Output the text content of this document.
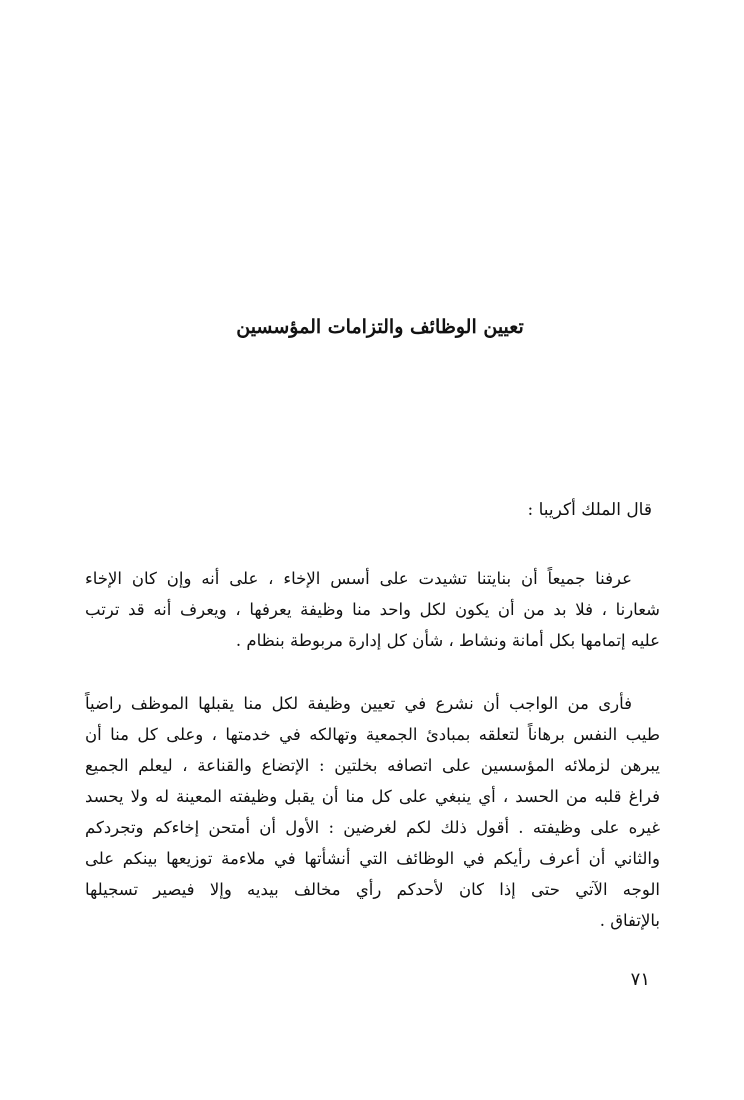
تعيين الوظائف والتزامات المؤسسين
قال الملك أكريبا :
عرفنا جميعاً أن بنايتنا تشيدت على أسس الإخاء ، على أنه وإن كان الإخاء
شعارنا ، فلا بد من أن يكون لكل واحد منا وظيفة يعرفها ، ويعرف أنه قد ترتب
عليه إتمامها بكل أمانة ونشاط ، شأن كل إدارة مربوطة بنظام .
فأرى من الواجب أن نشرع في تعيين وظيفة لكل منا يقبلها الموظف راضياً
طيب النفس برهاناً لتعلقه بمبادئ الجمعية وتهالكه في خدمتها ، وعلى كل منا أن
يبرهن لزملائه المؤسسين على اتصافه بخلتين : الإتضاع والقناعة ، ليعلم الجميع
فراغ قلبه من الحسد ، أي ينبغي على كل منا أن يقبل وظيفته المعينة له ولا يحسد
غيره على وظيفته . أقول ذلك لكم لغرضين : الأول أن أمتحن إخاءكم وتجردكم
والثاني أن أعرف رأيكم في الوظائف التي أنشأتها في ملاءمة توزيعها بينكم على
الوجه الآتي حتى إذا كان لأحدكم رأي مخالف بيديه وإلا فيصير تسجيلها
بالإتفاق .
٧١
